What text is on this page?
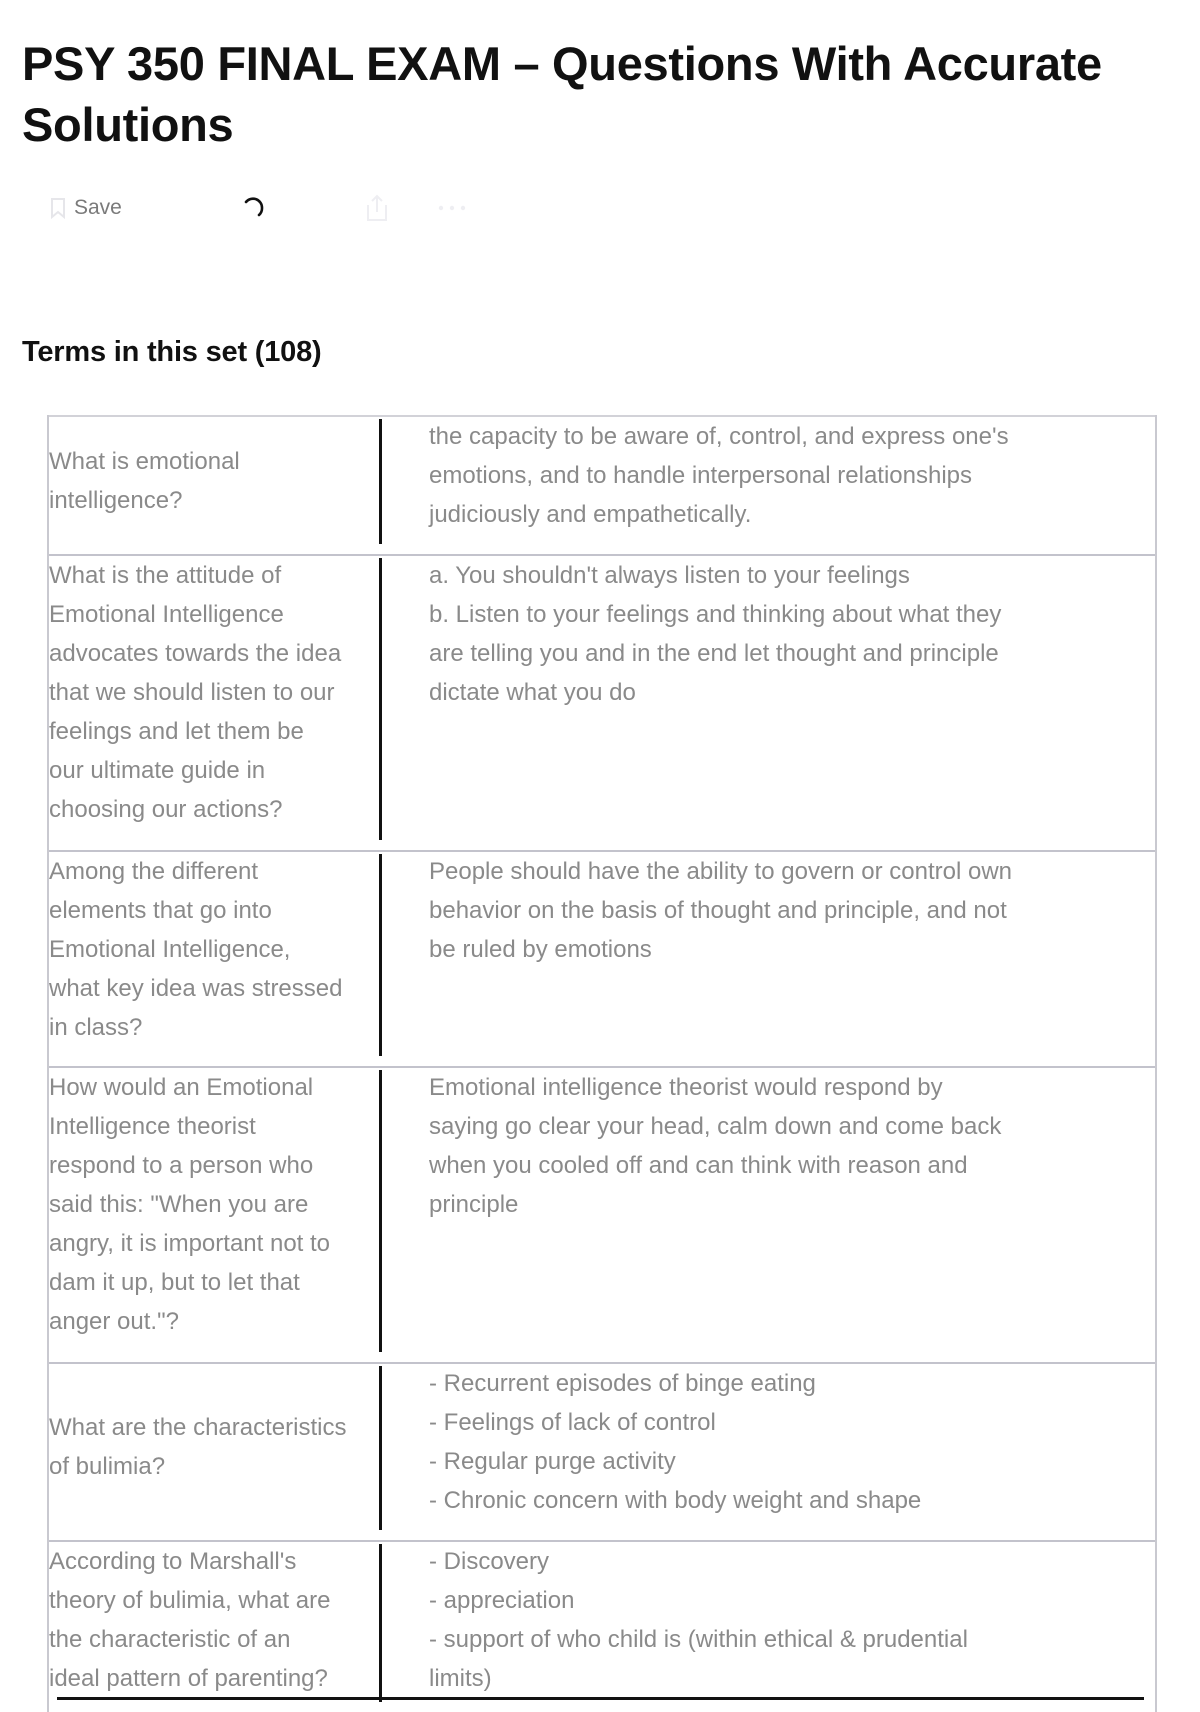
PSY 350 FINAL EXAM – Questions With Accurate Solutions
Save
Terms in this set (108)
What is emotional
intelligence?
the capacity to be aware of, control, and express one's
emotions, and to handle interpersonal relationships
judiciously and empathetically.
What is the attitude of
Emotional Intelligence
advocates towards the idea
that we should listen to our
feelings and let them be
our ultimate guide in
choosing our actions?
a. You shouldn't always listen to your feelings
b. Listen to your feelings and thinking about what they
are telling you and in the end let thought and principle
dictate what you do
Among the different
elements that go into
Emotional Intelligence,
what key idea was stressed
in class?
People should have the ability to govern or control own
behavior on the basis of thought and principle, and not
be ruled by emotions
How would an Emotional
Intelligence theorist
respond to a person who
said this: "When you are
angry, it is important not to
dam it up, but to let that
anger out."?
Emotional intelligence theorist would respond by
saying go clear your head, calm down and come back
when you cooled off and can think with reason and
principle
What are the characteristics
of bulimia?
- Recurrent episodes of binge eating
- Feelings of lack of control
- Regular purge activity
- Chronic concern with body weight and shape
According to Marshall's
theory of bulimia, what are
the characteristic of an
ideal pattern of parenting?
- Discovery
- appreciation
- support of who child is (within ethical & prudential
limits)
